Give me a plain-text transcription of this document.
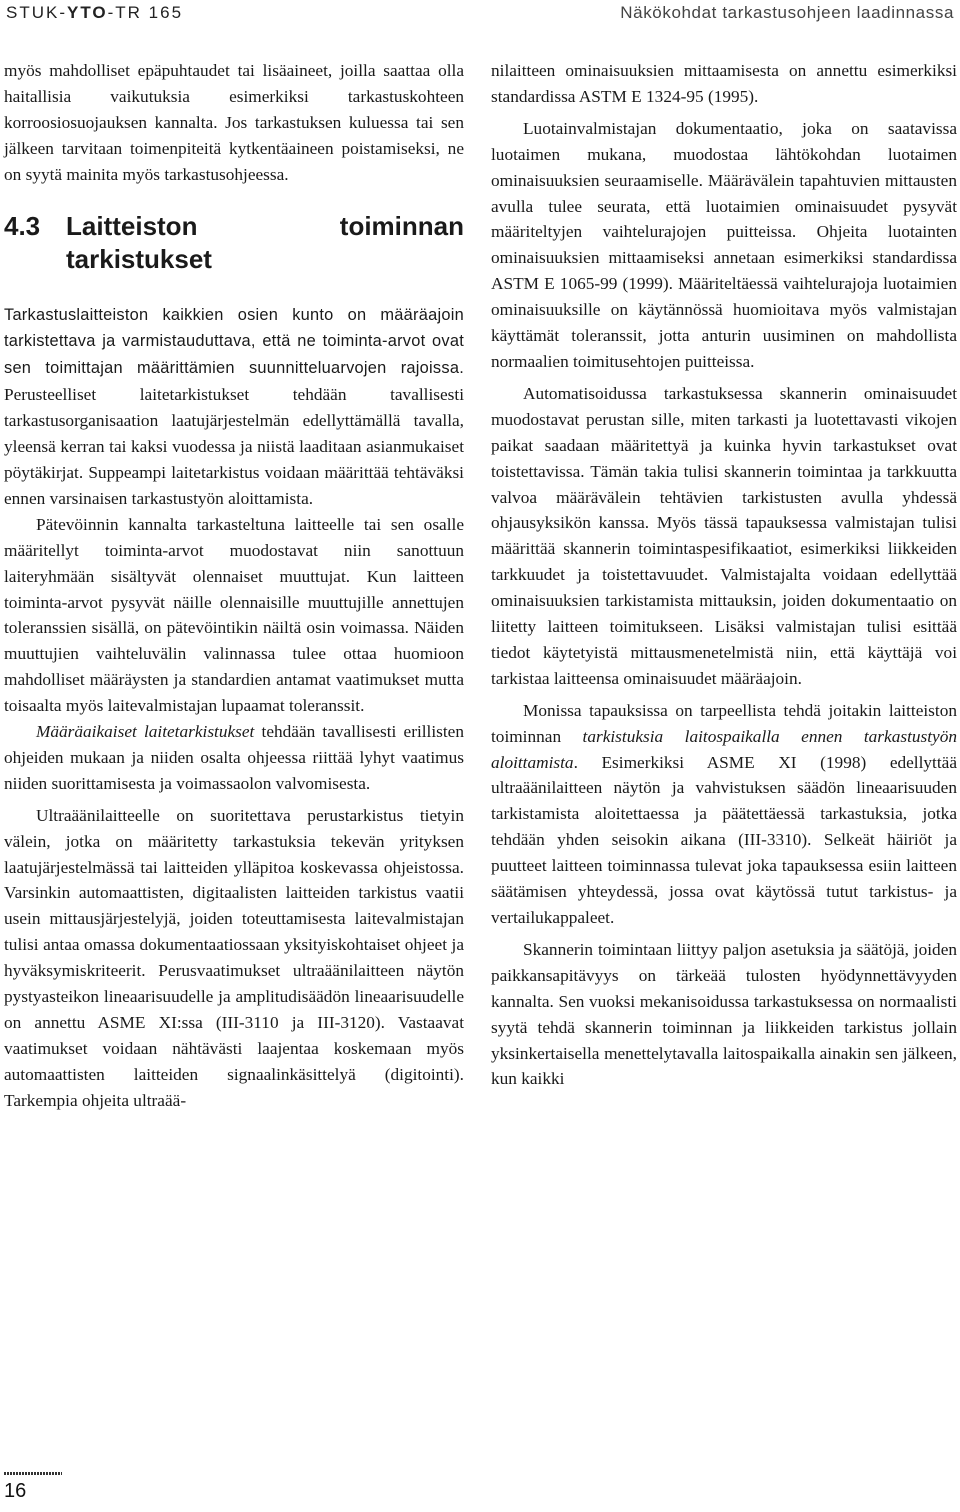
STUK-YTO-TR 165	Näkökohdat tarkastusohjeen laadinnassa

myös mahdolliset epäpuhtaudet tai lisäaineet, joilla saattaa olla haitallisia vaikutuksia esimerkiksi tarkastuskohteen korroosiosuojauksen kannalta. Jos tarkastuksen kuluessa tai sen jälkeen tarvitaan toimenpiteitä kytkentäaineen poistamiseksi, ne on syytä mainita myös tarkastusohjeessa.

4.3 Laitteiston toiminnan tarkistukset

Tarkastuslaitteiston kaikkien osien kunto on määräajoin tarkistettava ja varmistauduttava, että ne toiminta-arvot ovat sen toimittajan määrittämien suunnitteluarvojen rajoissa. Perusteelliset laitetarkistukset tehdään tavallisesti tarkastusorganisaation laatujärjestelmän edellyttämällä tavalla, yleensä kerran tai kaksi vuodessa ja niistä laaditaan asianmukaiset pöytäkirjat. Suppeampi laitetarkistus voidaan määrittää tehtäväksi ennen varsinaisen tarkastustyön aloittamista.

Pätevöinnin kannalta tarkasteltuna laitteelle tai sen osalle määritellyt toiminta-arvot muodostavat niin sanottuun laiteryhmään sisältyvät olennaiset muuttujat. Kun laitteen toiminta-arvot pysyvät näille olennaisille muuttujille annettujen toleranssien sisällä, on pätevöintikin näiltä osin voimassa. Näiden muuttujien vaihteluvälin valinnassa tulee ottaa huomioon mahdolliset määräysten ja standardien antamat vaatimukset mutta toisaalta myös laitevalmistajan lupaamat toleranssit.

Määräaikaiset laitetarkistukset tehdään tavallisesti erillisten ohjeiden mukaan ja niiden osalta ohjeessa riittää lyhyt vaatimus niiden suorittamisesta ja voimassaolon valvomisesta.

Ultraäänilaitteelle on suoritettava perustarkistus tietyin välein, jotka on määritetty tarkastuksia tekevän yrityksen laatujärjestelmässä tai laitteiden ylläpitoa koskevassa ohjeistossa. Varsinkin automaattisten, digitaalisten laitteiden tarkistus vaatii usein mittausjärjestelyjä, joiden toteuttamisesta laitevalmistajan tulisi antaa omassa dokumentaatiossaan yksityiskohtaiset ohjeet ja hyväksymiskriteerit. Perusvaatimukset ultraäänilaitteen näytön pystyasteikon lineaarisuudelle ja amplitudisäädön lineaarisuudelle on annettu ASME XI:ssa (III-3110 ja III-3120). Vastaavat vaatimukset voidaan nähtävästi laajentaa koskemaan myös automaattisten laitteiden signaalinkäsittelyä (digitointi). Tarkempia ohjeita ultraää-

nilaitteen ominaisuuksien mittaamisesta on annettu esimerkiksi standardissa ASTM E 1324-95 (1995).

Luotainvalmistajan dokumentaatio, joka on saatavissa luotaimen mukana, muodostaa lähtökohdan luotaimen ominaisuuksien seuraamiselle. Määrävälein tapahtuvien mittausten avulla tulee seurata, että luotaimien ominaisuudet pysyvät määriteltyjen vaihtelurajojen puitteissa. Ohjeita luotainten ominaisuuksien mittaamiseksi annetaan esimerkiksi standardissa ASTM E 1065-99 (1999). Määriteltäessä vaihtelurajoja luotaimien ominaisuuksille on käytännössä huomioitava myös valmistajan käyttämät toleranssit, jotta anturin uusiminen on mahdollista normaalien toimitusehtojen puitteissa.

Automatisoidussa tarkastuksessa skannerin ominaisuudet muodostavat perustan sille, miten tarkasti ja luotettavasti vikojen paikat saadaan määritettyä ja kuinka hyvin tarkastukset ovat toistettavissa. Tämän takia tulisi skannerin toimintaa ja tarkkuutta valvoa määrävälein tehtävien tarkistusten avulla yhdessä ohjausyksikön kanssa. Myös tässä tapauksessa valmistajan tulisi määrittää skannerin toimintaspesifikaatiot, esimerkiksi liikkeiden tarkkuudet ja toistettavuudet. Valmistajalta voidaan edellyttää ominaisuuksien tarkistamista mittauksin, joiden dokumentaatio on liitetty laitteen toimitukseen. Lisäksi valmistajan tulisi esittää tiedot käytetyistä mittausmenetelmistä niin, että käyttäjä voi tarkistaa laitteensa ominaisuudet määräajoin.

Monissa tapauksissa on tarpeellista tehdä joitakin laitteiston toiminnan tarkistuksia laitospaikalla ennen tarkastustyön aloittamista. Esimerkiksi ASME XI (1998) edellyttää ultraäänilaitteen näytön ja vahvistuksen säädön lineaarisuuden tarkistamista aloitettaessa ja päätettäessä tarkastuksia, jotka tehdään yhden seisokin aikana (III-3310). Selkeät häiriöt ja puutteet laitteen toiminnassa tulevat joka tapauksessa esiin laitteen säätämisen yhteydessä, jossa ovat käytössä tutut tarkistus- ja vertailukappaleet.

Skannerin toimintaan liittyy paljon asetuksia ja säätöjä, joiden paikkansapitävyys on tärkeää tulosten hyödynnettävyyden kannalta. Sen vuoksi mekanisoidussa tarkastuksessa on normaalisti syytä tehdä skannerin toiminnan ja liikkeiden tarkistus jollain yksinkertaisella menettelytavalla laitospaikalla ainakin sen jälkeen, kun kaikki

16
